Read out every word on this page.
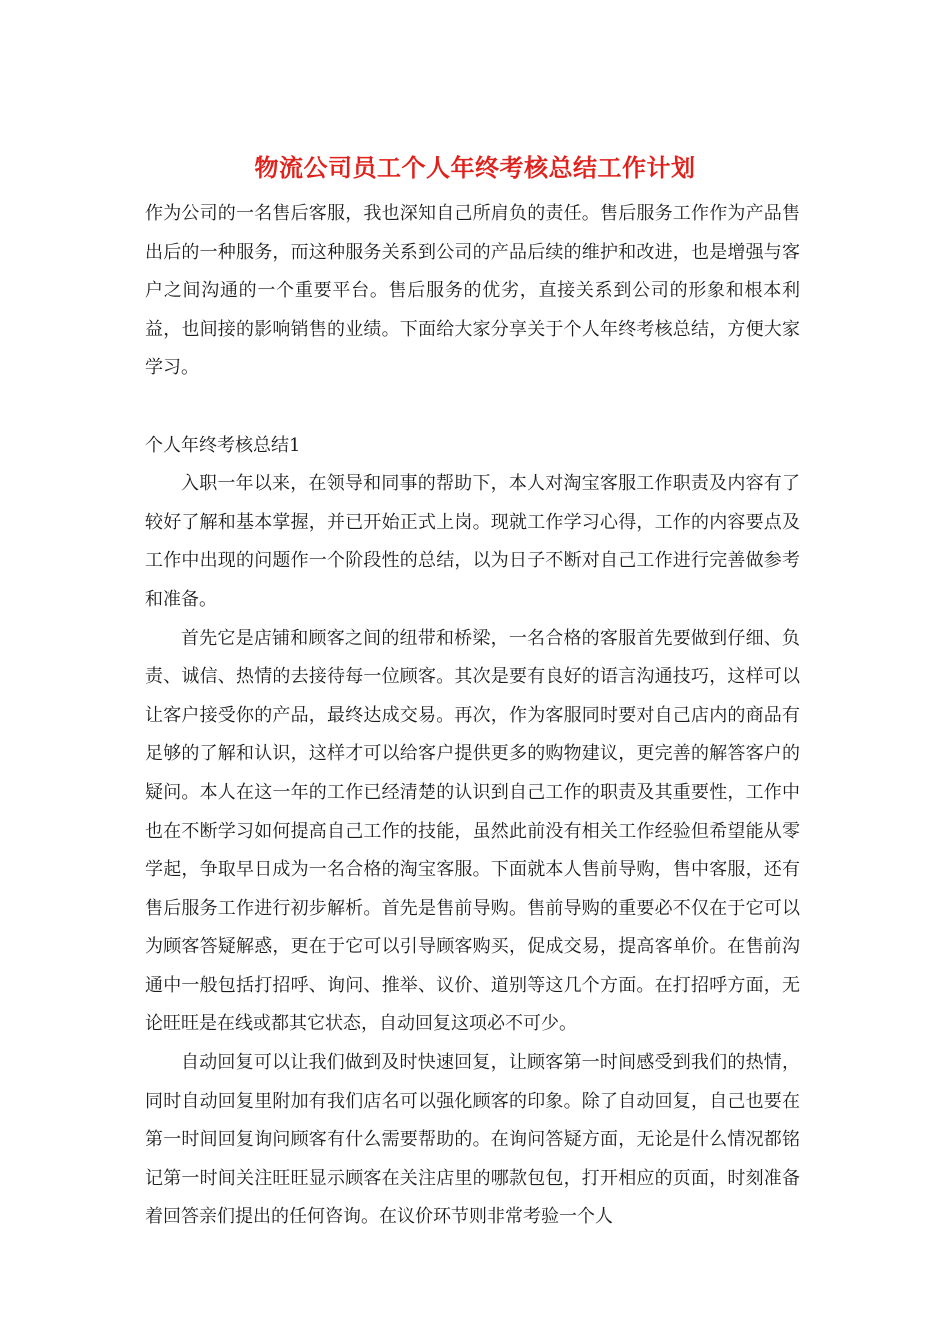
物流公司员工个人年终考核总结工作计划

作为公司的一名售后客服，我也深知自己所肩负的责任。售后服务工作作为产品售出后的一种服务，而这种服务关系到公司的产品后续的维护和改进，也是增强与客户之间沟通的一个重要平台。售后服务的优劣，直接关系到公司的形象和根本利益，也间接的影响销售的业绩。下面给大家分享关于个人年终考核总结，方便大家学习。

个人年终考核总结1

入职一年以来，在领导和同事的帮助下，本人对淘宝客服工作职责及内容有了较好了解和基本掌握，并已开始正式上岗。现就工作学习心得，工作的内容要点及工作中出现的问题作一个阶段性的总结，以为日子不断对自己工作进行完善做参考和准备。

首先它是店铺和顾客之间的纽带和桥梁，一名合格的客服首先要做到仔细、负责、诚信、热情的去接待每一位顾客。其次是要有良好的语言沟通技巧，这样可以让客户接受你的产品，最终达成交易。再次，作为客服同时要对自己店内的商品有足够的了解和认识，这样才可以给客户提供更多的购物建议，更完善的解答客户的疑问。本人在这一年的工作已经清楚的认识到自己工作的职责及其重要性，工作中也在不断学习如何提高自己工作的技能，虽然此前没有相关工作经验但希望能从零学起，争取早日成为一名合格的淘宝客服。下面就本人售前导购，售中客服，还有售后服务工作进行初步解析。首先是售前导购。售前导购的重要必不仅在于它可以为顾客答疑解惑，更在于它可以引导顾客购买，促成交易，提高客单价。在售前沟通中一般包括打招呼、询问、推举、议价、道别等这几个方面。在打招呼方面，无论旺旺是在线或都其它状态，自动回复这项必不可少。

自动回复可以让我们做到及时快速回复，让顾客第一时间感受到我们的热情，同时自动回复里附加有我们店名可以强化顾客的印象。除了自动回复，自己也要在第一时间回复询问顾客有什么需要帮助的。在询问答疑方面，无论是什么情况都铭记第一时间关注旺旺显示顾客在关注店里的哪款包包，打开相应的页面，时刻准备着回答亲们提出的任何咨询。在议价环节则非常考验一个人
